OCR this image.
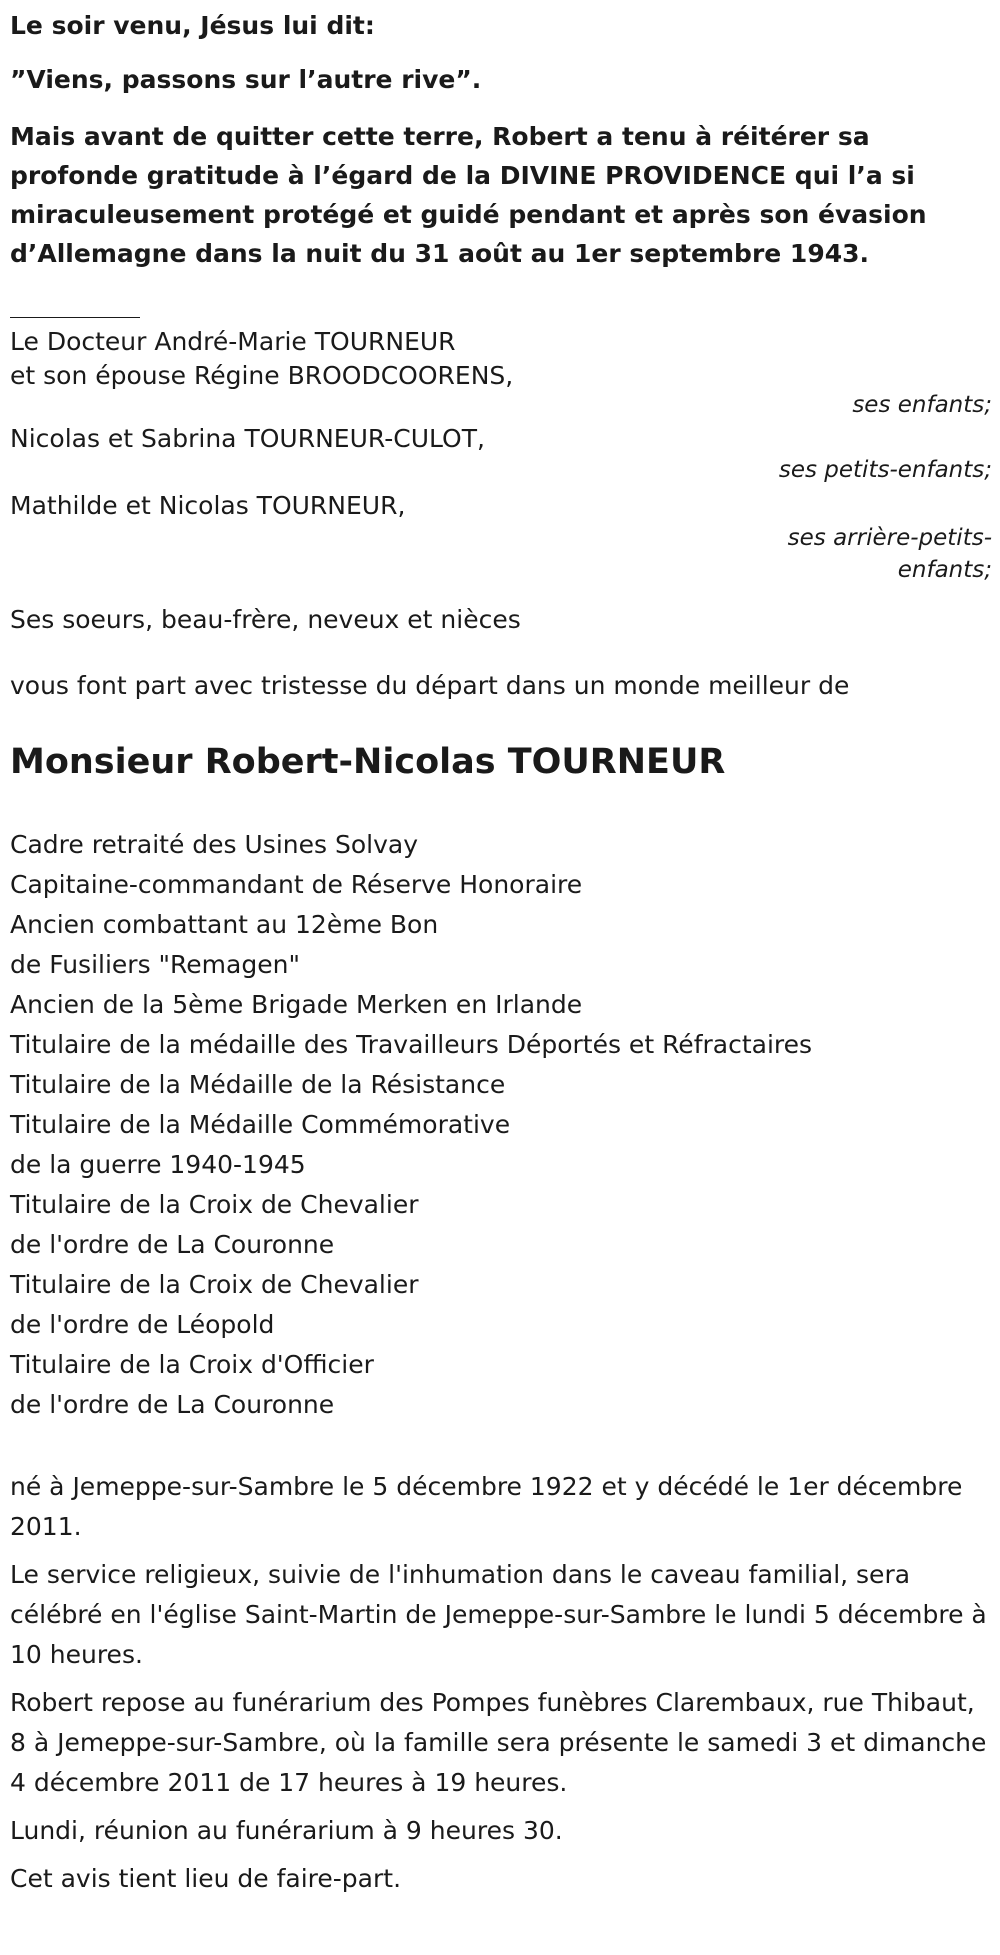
Le soir venu, Jésus lui dit:

”Viens, passons sur l’autre rive”.

Mais avant de quitter cette terre, Robert a tenu à réitérer sa profonde gratitude à l’égard de la DIVINE PROVIDENCE qui l’a si miraculeusement protégé et guidé pendant et après son évasion d’Allemagne dans la nuit du 31 août au 1er septembre 1943.

Le Docteur André-Marie TOURNEUR
et son épouse Régine BROODCOORENS,
ses enfants;
Nicolas et Sabrina TOURNEUR-CULOT,
ses petits-enfants;
Mathilde et Nicolas TOURNEUR,
ses arrière-petits-enfants;
Ses soeurs, beau-frère, neveux et nièces
vous font part avec tristesse du départ dans un monde meilleur de
Monsieur Robert-Nicolas TOURNEUR
Cadre retraité des Usines Solvay
Capitaine-commandant de Réserve Honoraire
Ancien combattant au 12ème Bon
de Fusiliers "Remagen"
Ancien de la 5ème Brigade Merken en Irlande
Titulaire de la médaille des Travailleurs Déportés et Réfractaires
Titulaire de la Médaille de la Résistance
Titulaire de la Médaille Commémorative
de la guerre 1940-1945
Titulaire de la Croix de Chevalier
de l'ordre de La Couronne
Titulaire de la Croix de Chevalier
de l'ordre de Léopold
Titulaire de la Croix d'Officier
de l'ordre de La Couronne

né à Jemeppe-sur-Sambre le 5 décembre 1922 et y décédé le 1er décembre 2011.

Le service religieux, suivie de l'inhumation dans le caveau familial, sera célébré en l'église Saint-Martin de Jemeppe-sur-Sambre le lundi 5 décembre à 10 heures.

Robert repose au funérarium des Pompes funèbres Clarembaux, rue Thibaut, 8 à Jemeppe-sur-Sambre, où la famille sera présente le samedi 3 et dimanche 4 décembre 2011 de 17 heures à 19 heures.

Lundi, réunion au funérarium à 9 heures 30.

Cet avis tient lieu de faire-part.
